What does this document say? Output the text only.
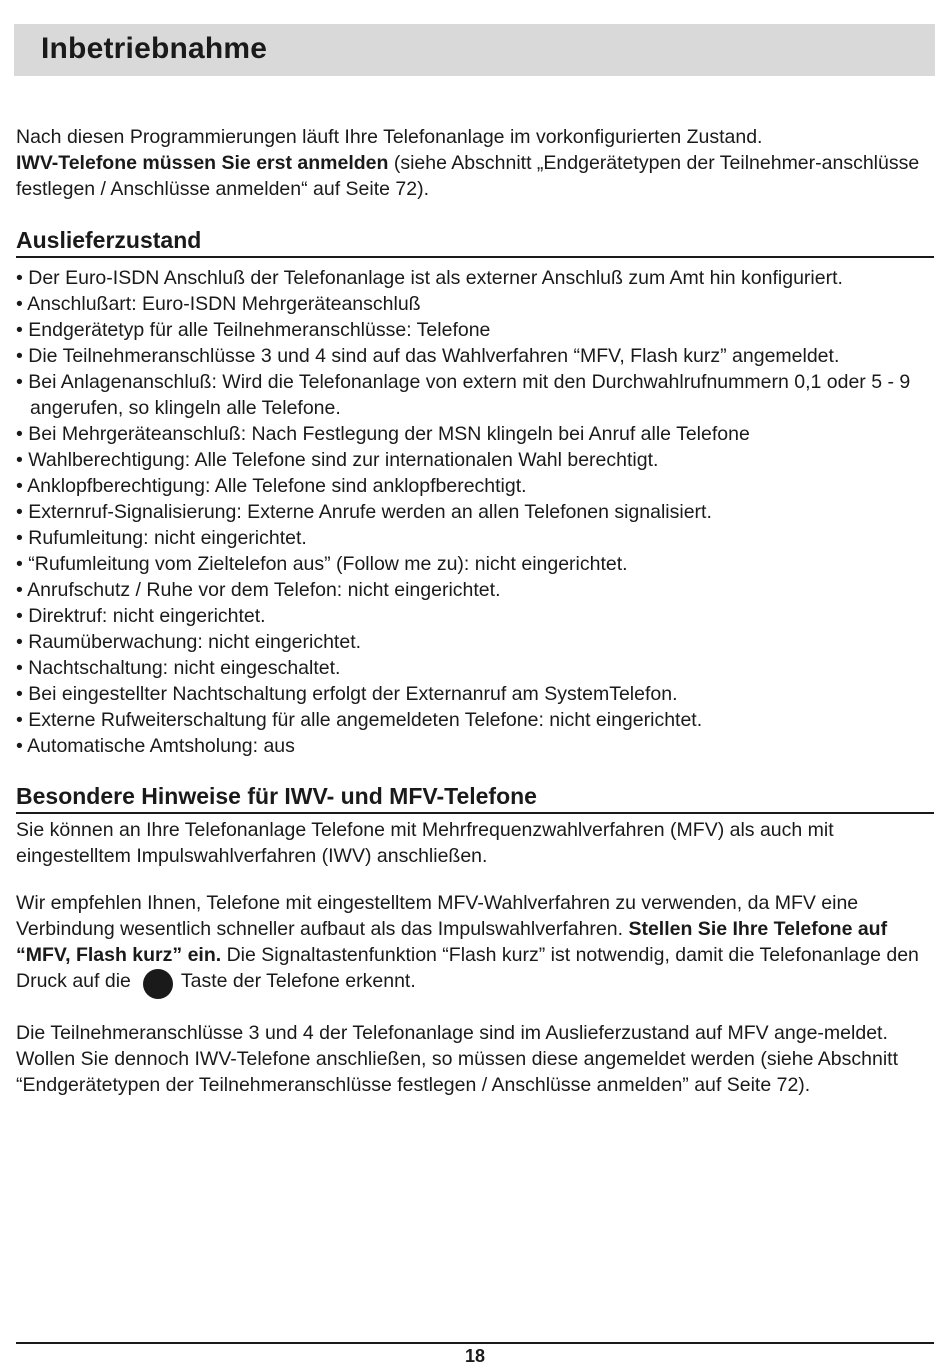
Inbetriebnahme

Nach diesen Programmierungen läuft Ihre Telefonanlage im vorkonfigurierten Zustand.
IWV-Telefone müssen Sie erst anmelden (siehe Abschnitt „Endgerätetypen der Teilnehmer-anschlüsse festlegen / Anschlüsse anmelden“ auf Seite 72).

Auslieferzustand
• Der Euro-ISDN Anschluß der Telefonanlage ist als externer Anschluß zum Amt hin konfiguriert.
• Anschlußart: Euro-ISDN Mehrgeräteanschluß
• Endgerätetyp für alle Teilnehmeranschlüsse: Telefone
• Die Teilnehmeranschlüsse 3 und 4 sind auf das Wahlverfahren “MFV, Flash kurz” angemeldet.
• Bei Anlagenanschluß: Wird die Telefonanlage von extern mit den Durchwahlrufnummern 0,1 oder 5 - 9 angerufen, so klingeln alle Telefone.
• Bei Mehrgeräteanschluß: Nach Festlegung der MSN klingeln bei Anruf alle Telefone
• Wahlberechtigung: Alle Telefone sind zur internationalen Wahl berechtigt.
• Anklopfberechtigung: Alle Telefone sind anklopfberechtigt.
• Externruf-Signalisierung: Externe Anrufe werden an allen Telefonen signalisiert.
• Rufumleitung: nicht eingerichtet.
• “Rufumleitung vom Zieltelefon aus” (Follow me zu): nicht eingerichtet.
• Anrufschutz / Ruhe vor dem Telefon: nicht eingerichtet.
• Direktruf: nicht eingerichtet.
• Raumüberwachung: nicht eingerichtet.
• Nachtschaltung: nicht eingeschaltet.
• Bei eingestellter Nachtschaltung erfolgt der Externanruf am SystemTelefon.
• Externe Rufweiterschaltung für alle angemeldeten Telefone: nicht eingerichtet.
• Automatische Amtsholung: aus
Besondere Hinweise für IWV- und MFV-Telefone

Sie können an Ihre Telefonanlage Telefone mit Mehrfrequenzwahlverfahren (MFV) als auch mit eingestelltem Impulswahlverfahren (IWV) anschließen.

Wir empfehlen Ihnen, Telefone mit eingestelltem MFV-Wahlverfahren zu verwenden, da MFV eine Verbindung wesentlich schneller aufbaut als das Impulswahlverfahren. Stellen Sie Ihre Telefone auf “MFV, Flash kurz” ein. Die Signaltastenfunktion “Flash kurz” ist notwendig, damit die Telefonanlage den Druck auf die	Taste der Telefone erkennt.

Die Teilnehmeranschlüsse 3 und 4 der Telefonanlage sind im Auslieferzustand auf MFV ange-meldet. Wollen Sie dennoch IWV-Telefone anschließen, so müssen diese angemeldet werden (siehe Abschnitt “Endgerätetypen der Teilnehmeranschlüsse festlegen / Anschlüsse anmelden” auf Seite 72).

18
